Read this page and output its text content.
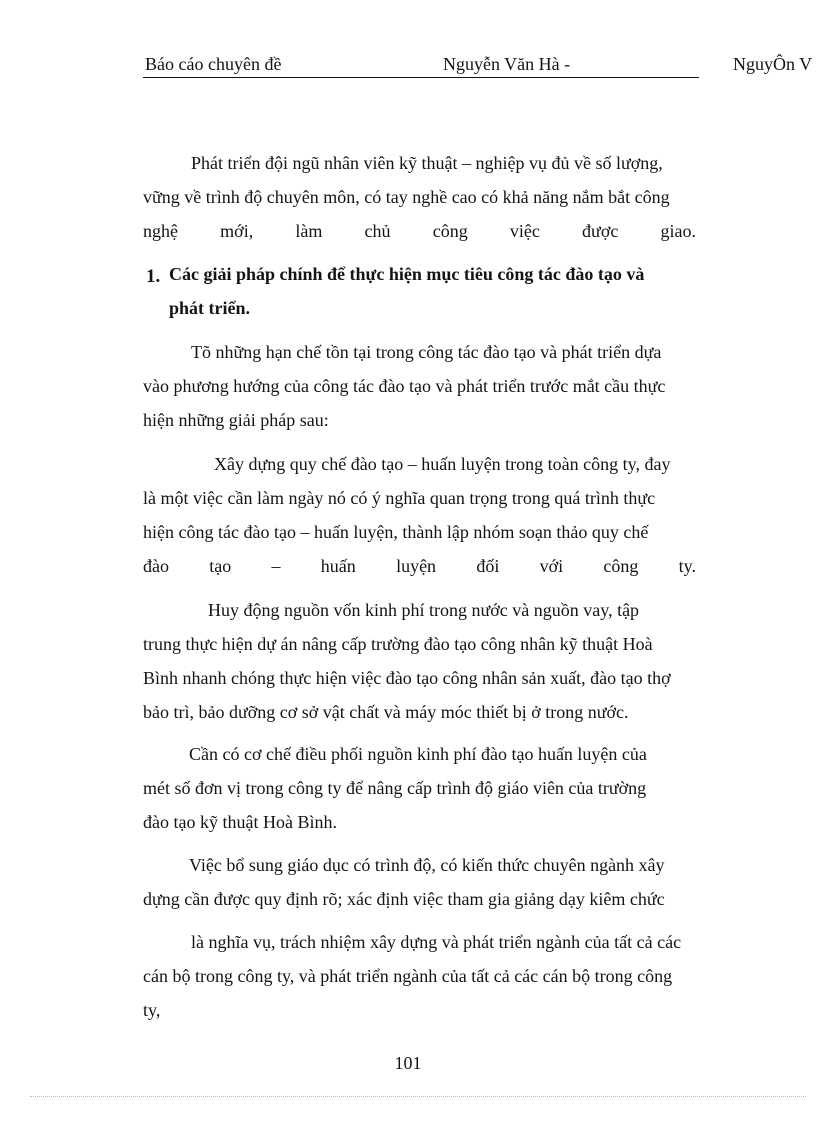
Báo cáo chuyên đề	Nguyễn Văn Hà -	NguyÔn V
Phát triển đội ngũ nhân viên kỹ thuật – nghiệp vụ đủ về số lượng,
vững về trình độ chuyên môn, có tay nghề cao có khả năng nắm bắt công
nghệ mới, làm chủ công việc được giao.
1. Các giải pháp chính để thực hiện mục tiêu công tác đào tạo và
phát triển.
Tõ những hạn chế tồn tại trong công tác đào tạo và phát triển dựa
vào phương hướng của công tác đào tạo và phát triển trước mắt cầu thực
hiện những giải pháp sau:
Xây dựng quy chế đào tạo – huấn luyện trong toàn công ty, đay
là một việc cần làm ngày nó có ý nghĩa quan trọng trong quá trình thực
hiện công tác đào tạo – huấn luyện, thành lập nhóm soạn thảo quy chế
đào tạo – huấn luyện đối với công ty.
Huy động nguồn vốn kinh phí trong nước và nguồn vay, tập
trung thực hiện dự án nâng cấp trường đào tạo công nhân kỹ thuật Hoà
Bình nhanh chóng thực hiện việc đào tạo công nhân sản xuất, đào tạo thợ
bảo trì, bảo dưỡng cơ sở vật chất và máy móc thiết bị ở trong nước.
Cần có cơ chế điều phối nguồn kinh phí đào tạo huấn luyện của
mét số đơn vị trong công ty để nâng cấp trình độ giáo viên của trường
đào tạo kỹ thuật Hoà Bình.
Việc bổ sung giáo dục có trình độ, có kiến thức chuyên ngành xây
dựng cần được quy định rõ; xác định việc tham gia giảng dạy kiêm chức
là nghĩa vụ, trách nhiệm xây dựng và phát triển ngành của tất cả các
cán bộ trong công ty, và phát triển ngành của tất cả các cán bộ trong công
ty,
101
